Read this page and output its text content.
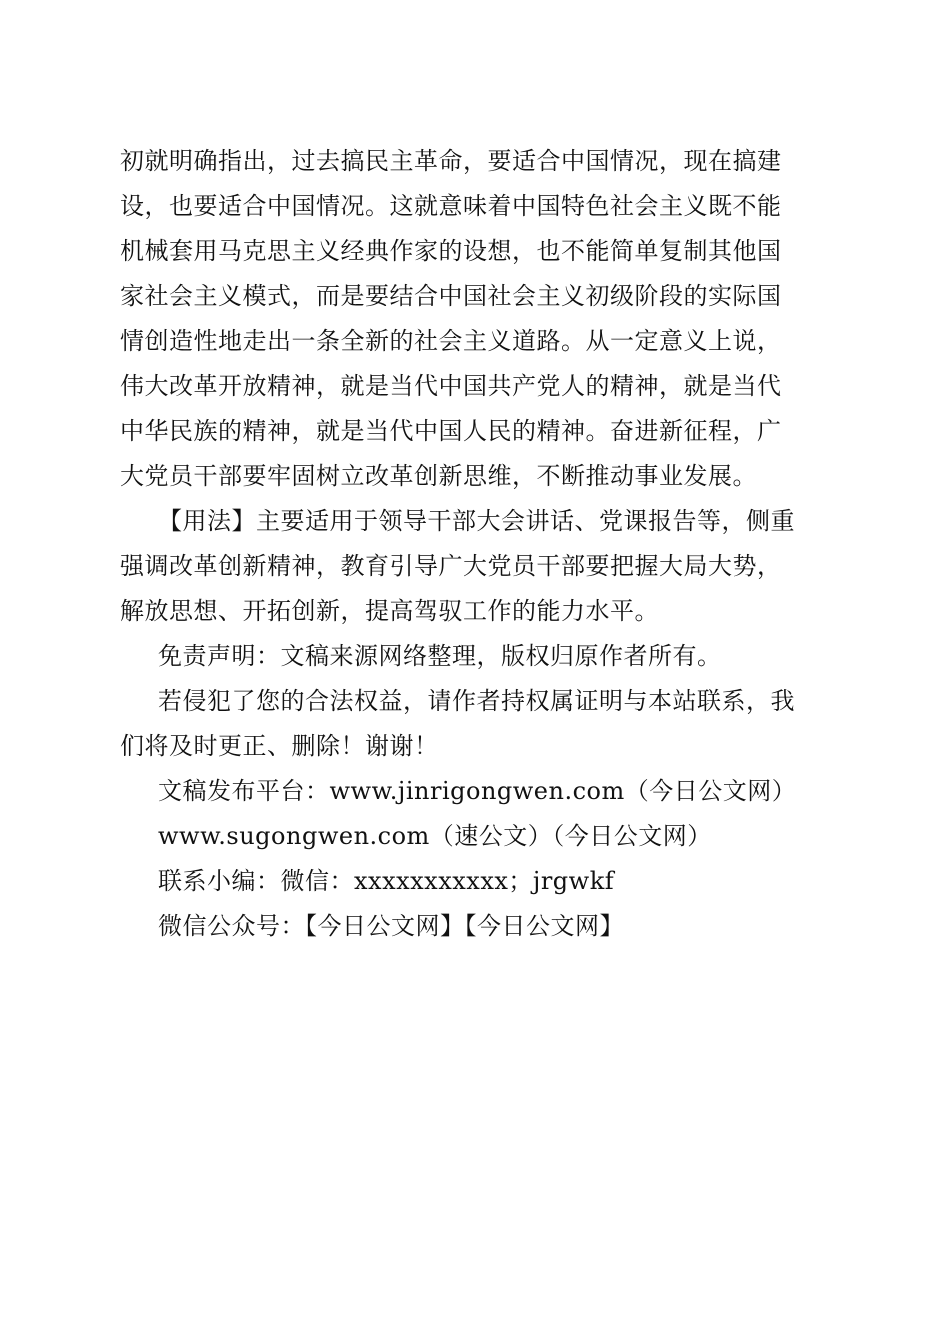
初就明确指出，过去搞民主革命，要适合中国情况，现在搞建
设，也要适合中国情况。这就意味着中国特色社会主义既不能
机械套用马克思主义经典作家的设想，也不能简单复制其他国
家社会主义模式，而是要结合中国社会主义初级阶段的实际国
情创造性地走出一条全新的社会主义道路。从一定意义上说，
伟大改革开放精神，就是当代中国共产党人的精神，就是当代
中华民族的精神，就是当代中国人民的精神。奋进新征程，广
大党员干部要牢固树立改革创新思维，不断推动事业发展。
【用法】主要适用于领导干部大会讲话、党课报告等，侧重
强调改革创新精神，教育引导广大党员干部要把握大局大势，
解放思想、开拓创新，提高驾驭工作的能力水平。
免责声明：文稿来源网络整理，版权归原作者所有。
若侵犯了您的合法权益，请作者持权属证明与本站联系，我
们将及时更正、删除！谢谢！
文稿发布平台：www.jinrigongwen.com（今日公文网）
www.sugongwen.com（速公文）（今日公文网）
联系小编：微信：xxxxxxxxxxx；jrgwkf
微信公众号：【今日公文网】【今日公文网】
